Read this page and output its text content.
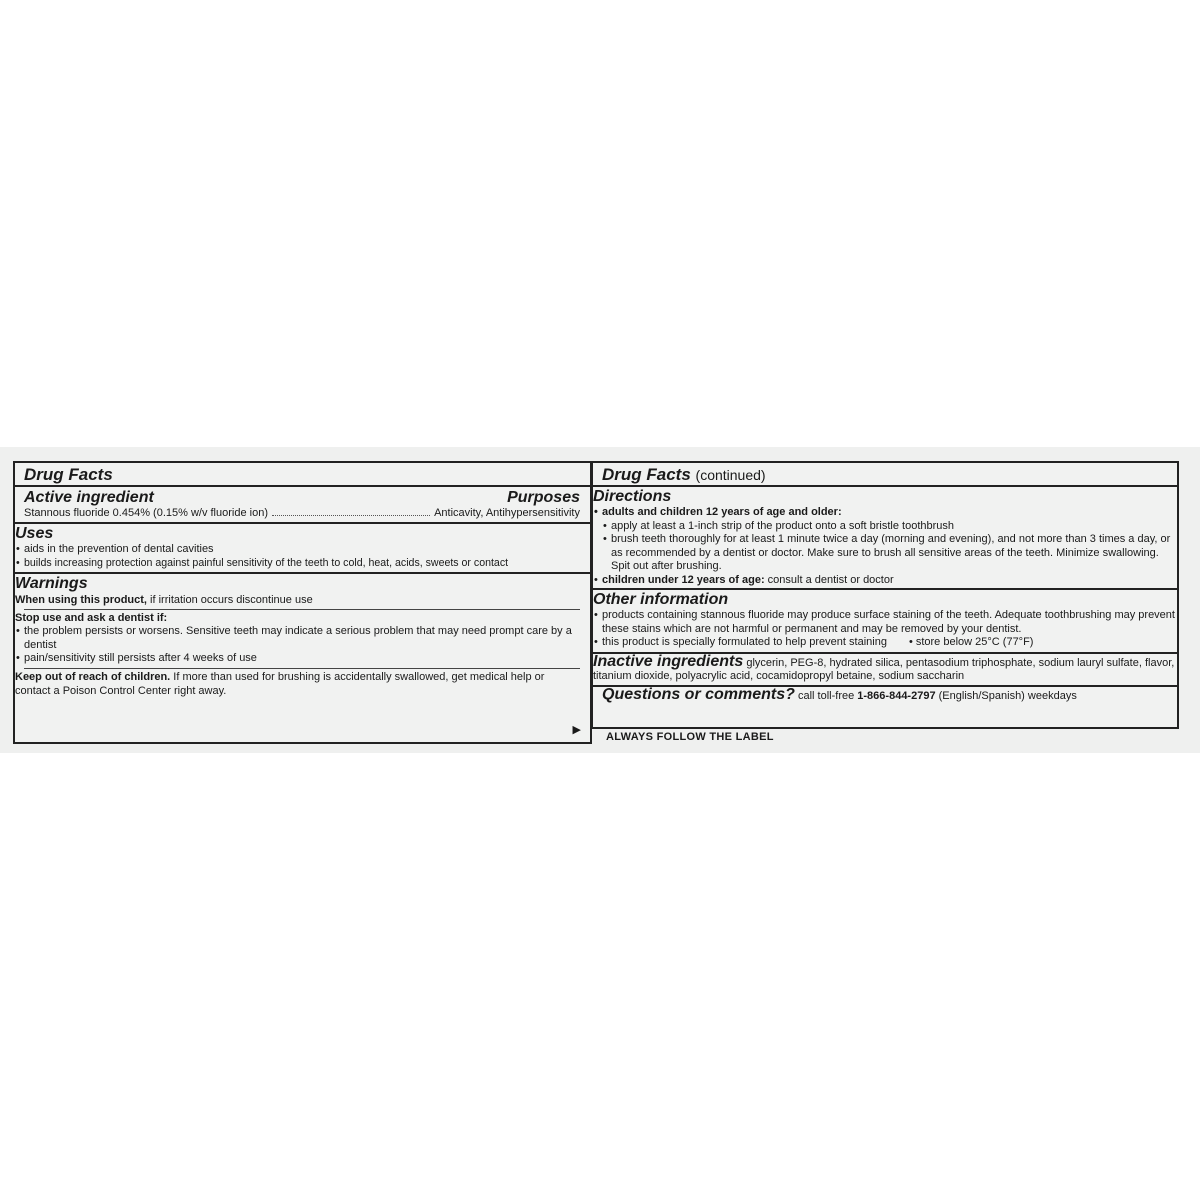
Drug Facts
Active ingredient	Purposes
Stannous fluoride 0.454% (0.15% w/v fluoride ion)	Anticavity, Antihypersensitivity
Uses
• aids in the prevention of dental cavities
• builds increasing protection against painful sensitivity of the teeth to cold, heat, acids, sweets or contact
Warnings
When using this product, if irritation occurs discontinue use
Stop use and ask a dentist if:
• the problem persists or worsens. Sensitive teeth may indicate a serious problem that may need prompt care by a dentist
• pain/sensitivity still persists after 4 weeks of use
Keep out of reach of children. If more than used for brushing is accidentally swallowed, get medical help or contact a Poison Control Center right away.
▶
Drug Facts (continued)
Directions
• adults and children 12 years of age and older:
• apply at least a 1-inch strip of the product onto a soft bristle toothbrush
• brush teeth thoroughly for at least 1 minute twice a day (morning and evening), and not more than 3 times a day, or as recommended by a dentist or doctor. Make sure to brush all sensitive areas of the teeth. Minimize swallowing. Spit out after brushing.
• children under 12 years of age: consult a dentist or doctor
Other information
• products containing stannous fluoride may produce surface staining of the teeth. Adequate toothbrushing may prevent these stains which are not harmful or permanent and may be removed by your dentist.
• this product is specially formulated to help prevent staining • store below 25°C (77°F)
Inactive ingredients glycerin, PEG-8, hydrated silica, pentasodium triphosphate, sodium lauryl sulfate, flavor, titanium dioxide, polyacrylic acid, cocamidopropyl betaine, sodium saccharin
Questions or comments? call toll-free 1-866-844-2797 (English/Spanish) weekdays
ALWAYS FOLLOW THE LABEL
